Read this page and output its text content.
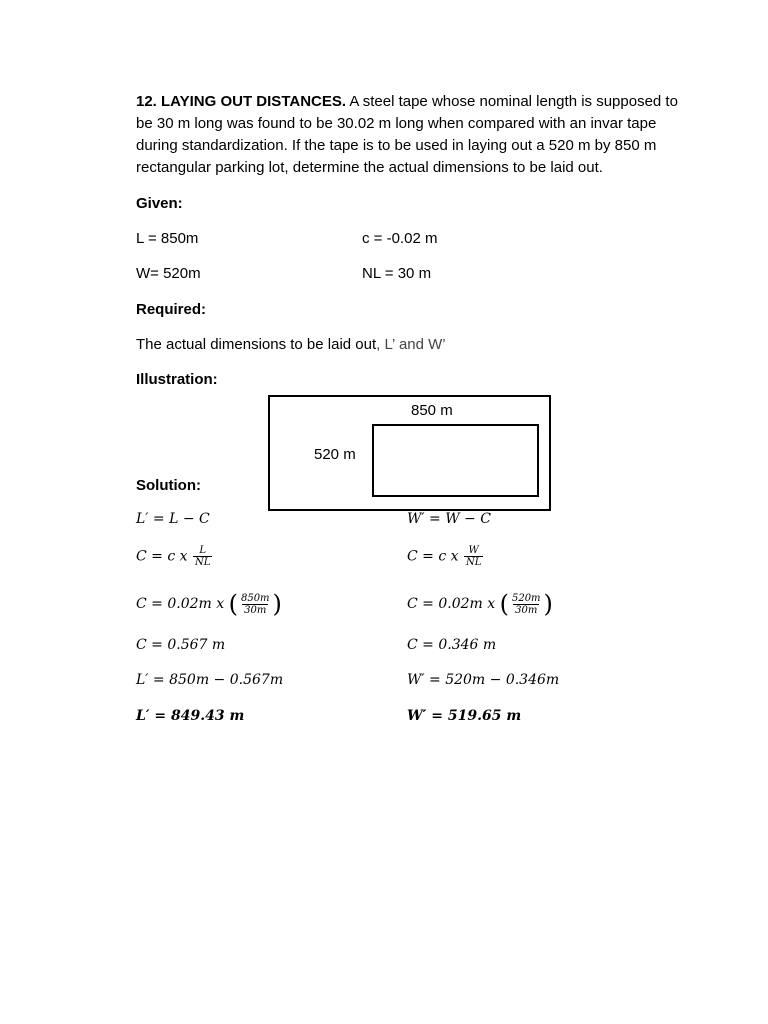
12. LAYING OUT DISTANCES. A steel tape whose nominal length is supposed to be 30 m long was found to be 30.02 m long when compared with an invar tape during standardization. If the tape is to be used in laying out a 520 m by 850 m rectangular parking lot, determine the actual dimensions to be laid out.
Given:
L = 850m	c = -0.02 m
W= 520m	NL = 30 m
Required:
The actual dimensions to be laid out, L’ and W’
Illustration:
850 m
520 m
Solution:
L′ = L − C
C = c x $\frac{L}{NL}$
C = 0.02m x ( $\frac{850m}{30m}$ )
C = 0.567 m
L′ = 850m − 0.567m
L′ = 849.43 m
W′ = W − C
C = c x $\frac{W}{NL}$
C = 0.02m x ( $\frac{520m}{30m}$ )
C = 0.346 m
W′ = 520m − 0.346m
W′ = 519.65 m
